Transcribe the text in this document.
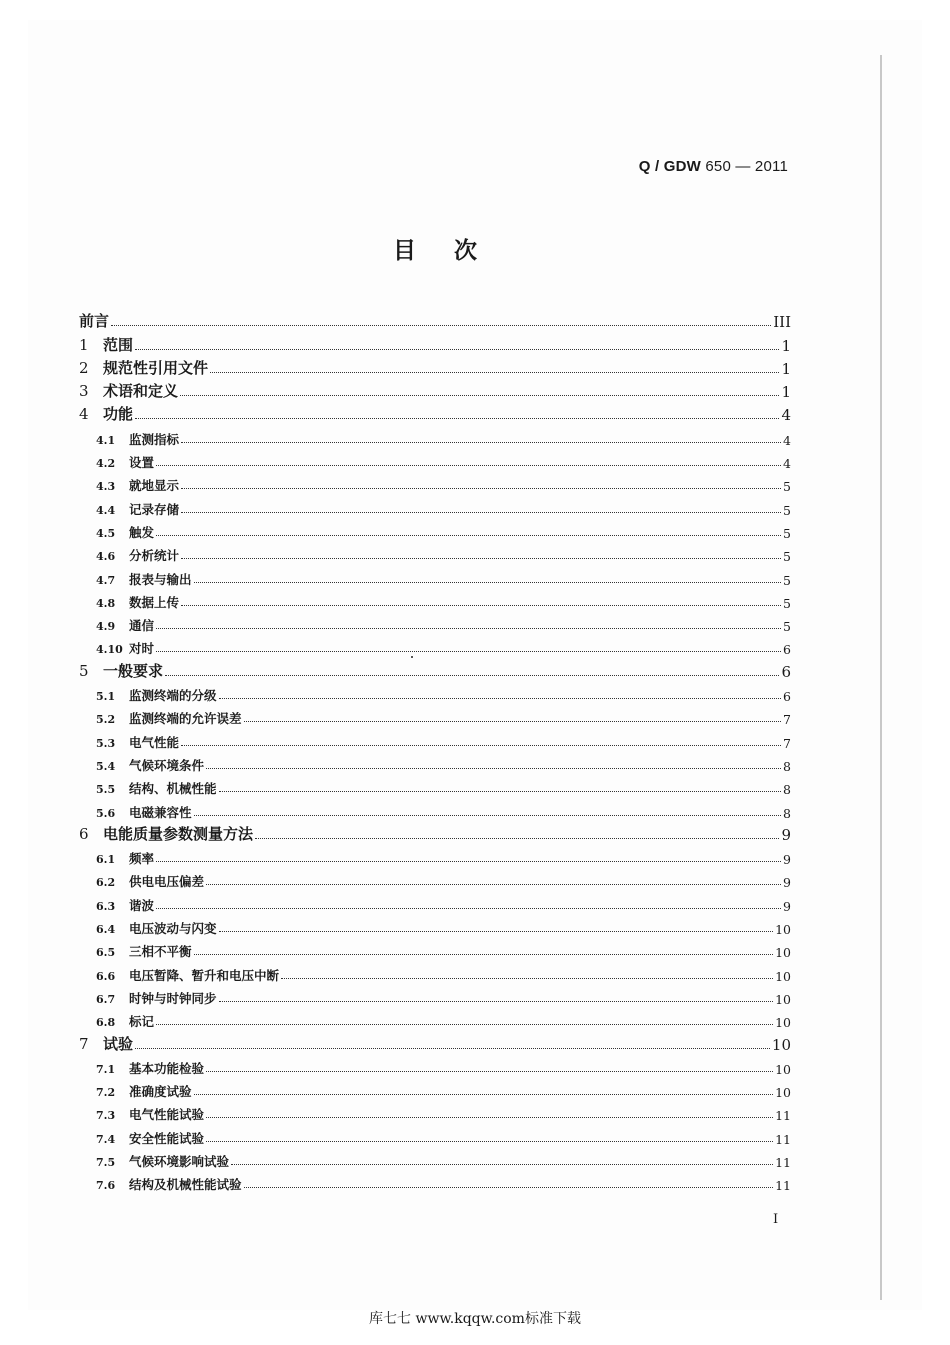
Q / GDW 650 — 2011
目次
前言	III
1 范围	1
2 规范性引用文件	1
3 术语和定义	1
4 功能	4
4.1 监测指标	4
4.2 设置	4
4.3 就地显示	5
4.4 记录存储	5
4.5 触发	5
4.6 分析统计	5
4.7 报表与输出	5
4.8 数据上传	5
4.9 通信	5
4.10 对时	6
5 一般要求	6
5.1 监测终端的分级	6
5.2 监测终端的允许误差	7
5.3 电气性能	7
5.4 气候环境条件	8
5.5 结构、机械性能	8
5.6 电磁兼容性	8
6 电能质量参数测量方法	9
6.1 频率	9
6.2 供电电压偏差	9
6.3 谐波	9
6.4 电压波动与闪变	10
6.5 三相不平衡	10
6.6 电压暂降、暂升和电压中断	10
6.7 时钟与时钟同步	10
6.8 标记	10
7 试验	10
7.1 基本功能检验	10
7.2 准确度试验	10
7.3 电气性能试验	11
7.4 安全性能试验	11
7.5 气候环境影响试验	11
7.6 结构及机械性能试验	11
I
库七七 www.kqqw.com标准下载
